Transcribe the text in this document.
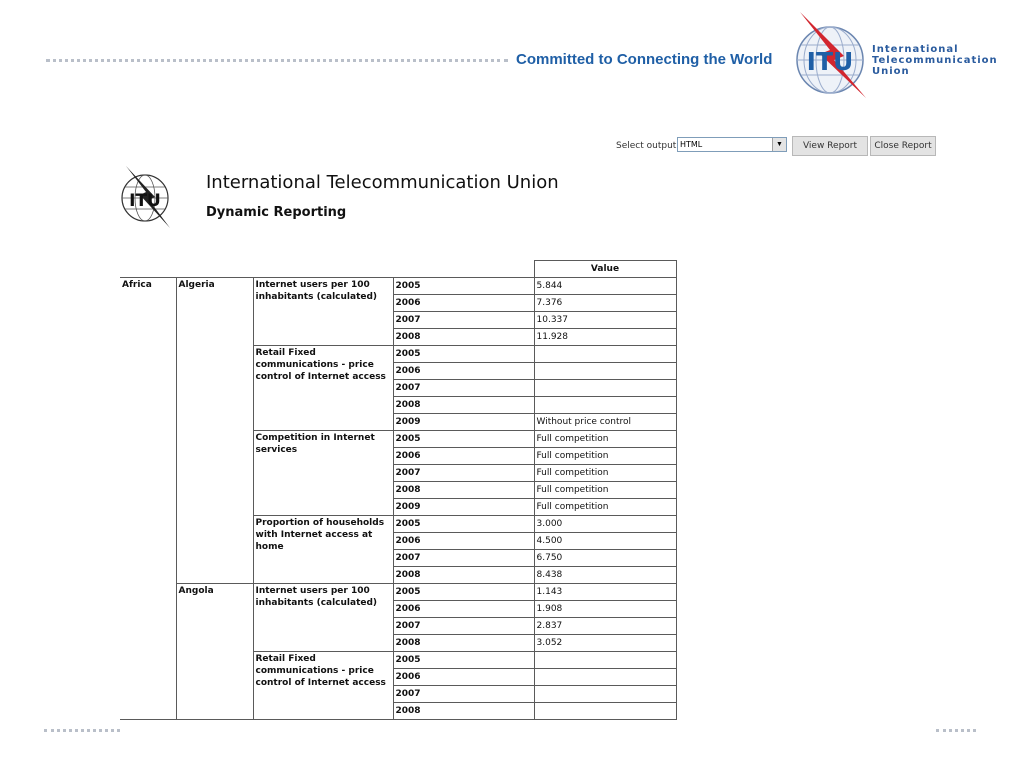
Committed to Connecting the World ITU International
Telecommunication
Union
Select output HTML	▼	View Report	Close Report
ITU
International Telecommunication Union
Dynamic Reporting
				Value
Africa	Algeria	Internet users per 100 inhabitants (calculated)	2005	5.844
			2006	7.376
			2007	10.337
			2008	11.928
		Retail Fixed communications - price control of Internet access	2005	
			2006	
			2007	
			2008	
			2009	Without price control
		Competition in Internet services	2005	Full competition
			2006	Full competition
			2007	Full competition
			2008	Full competition
			2009	Full competition
		Proportion of households with Internet access at home	2005	3.000
			2006	4.500
			2007	6.750
			2008	8.438
	Angola	Internet users per 100 inhabitants (calculated)	2005	1.143
			2006	1.908
			2007	2.837
			2008	3.052
		Retail Fixed communications - price control of Internet access	2005	
			2006	
			2007	
			2008	
